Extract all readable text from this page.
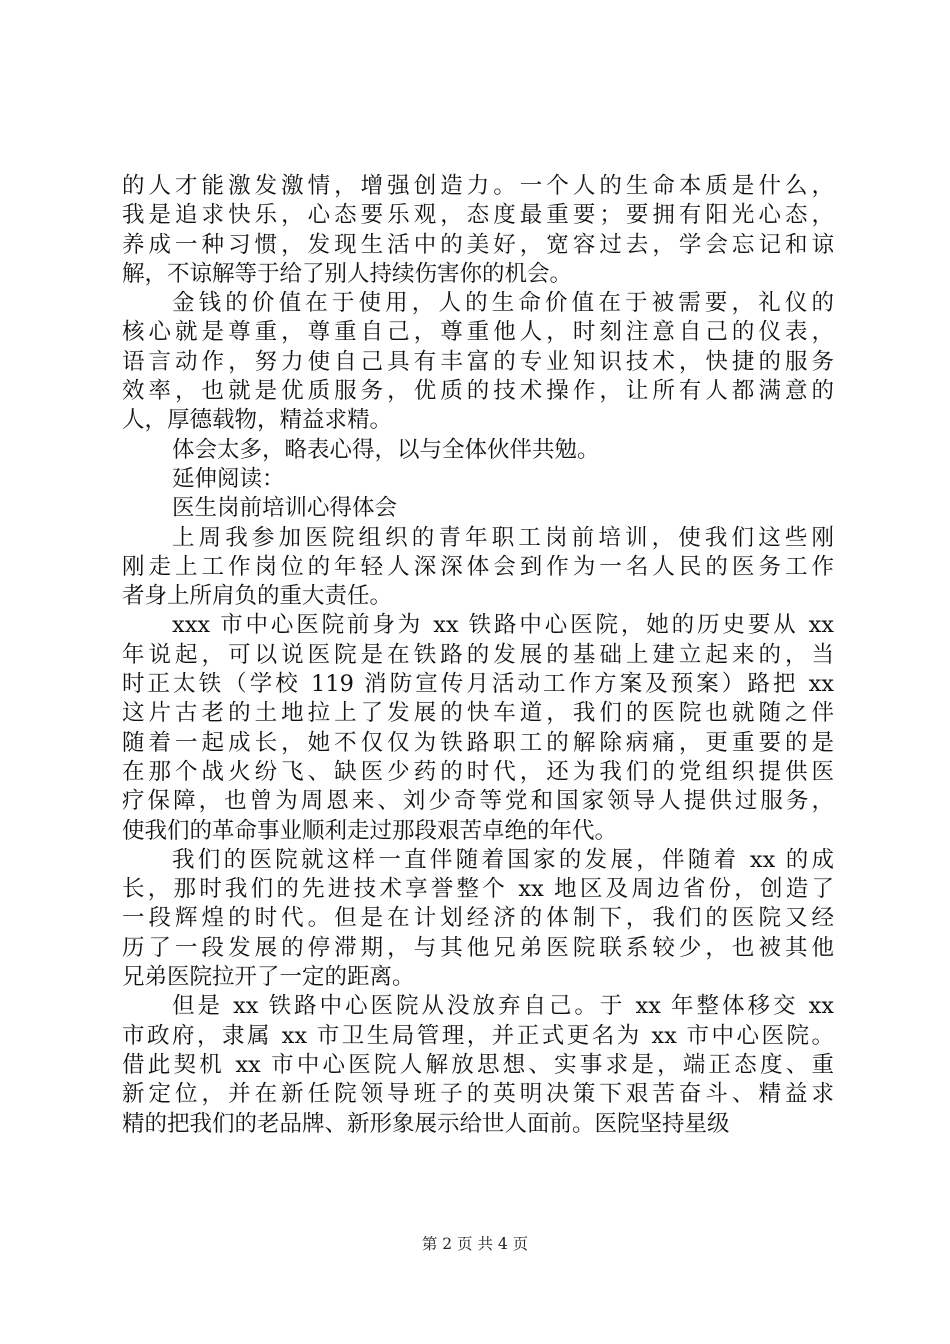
的人才能激发激情，增强创造力。一个人的生命本质是什么，
我是追求快乐，心态要乐观，态度最重要；要拥有阳光心态，
养成一种习惯，发现生活中的美好，宽容过去，学会忘记和谅
解，不谅解等于给了别人持续伤害你的机会。
金钱的价值在于使用，人的生命价值在于被需要，礼仪的
核心就是尊重，尊重自己，尊重他人，时刻注意自己的仪表，
语言动作，努力使自己具有丰富的专业知识技术，快捷的服务
效率，也就是优质服务，优质的技术操作，让所有人都满意的
人，厚德载物，精益求精。
体会太多，略表心得，以与全体伙伴共勉。
延伸阅读：
医生岗前培训心得体会
上周我参加医院组织的青年职工岗前培训，使我们这些刚
刚走上工作岗位的年轻人深深体会到作为一名人民的医务工作
者身上所肩负的重大责任。
xxx 市中心医院前身为 xx 铁路中心医院，她的历史要从 xx
年说起，可以说医院是在铁路的发展的基础上建立起来的，当
时正太铁（学校 119 消防宣传月活动工作方案及预案）路把 xx
这片古老的土地拉上了发展的快车道，我们的医院也就随之伴
随着一起成长，她不仅仅为铁路职工的解除病痛，更重要的是
在那个战火纷飞、缺医少药的时代，还为我们的党组织提供医
疗保障，也曾为周恩来、刘少奇等党和国家领导人提供过服务，
使我们的革命事业顺利走过那段艰苦卓绝的年代。
我们的医院就这样一直伴随着国家的发展，伴随着 xx 的成
长，那时我们的先进技术享誉整个 xx 地区及周边省份，创造了
一段辉煌的时代。但是在计划经济的体制下，我们的医院又经
历了一段发展的停滞期，与其他兄弟医院联系较少，也被其他
兄弟医院拉开了一定的距离。
但是 xx 铁路中心医院从没放弃自己。于 xx 年整体移交 xx
市政府，隶属 xx 市卫生局管理，并正式更名为 xx 市中心医院。
借此契机 xx 市中心医院人解放思想、实事求是，端正态度、重
新定位，并在新任院领导班子的英明决策下艰苦奋斗、精益求
精的把我们的老品牌、新形象展示给世人面前。医院坚持星级
第 2 页 共 4 页
